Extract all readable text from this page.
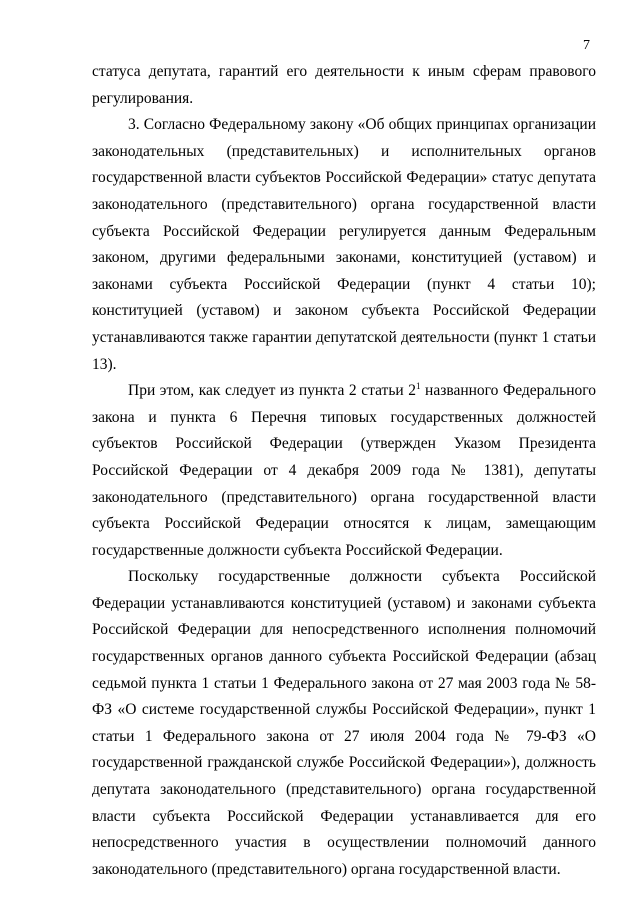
7

статуса депутата, гарантий его деятельности к иным сферам правового регулирования.

3. Согласно Федеральному закону «Об общих принципах организации законодательных (представительных) и исполнительных органов государственной власти субъектов Российской Федерации» статус депутата законодательного (представительного) органа государственной власти субъекта Российской Федерации регулируется данным Федеральным законом, другими федеральными законами, конституцией (уставом) и законами субъекта Российской Федерации (пункт 4 статьи 10); конституцией (уставом) и законом субъекта Российской Федерации устанавливаются также гарантии депутатской деятельности (пункт 1 статьи 13).

При этом, как следует из пункта 2 статьи $2^1$ названного Федерального закона и пункта 6 Перечня типовых государственных должностей субъектов Российской Федерации (утвержден Указом Президента Российской Федерации от 4 декабря 2009 года № 1381), депутаты законодательного (представительного) органа государственной власти субъекта Российской Федерации относятся к лицам, замещающим государственные должности субъекта Российской Федерации.

Поскольку государственные должности субъекта Российской Федерации устанавливаются конституцией (уставом) и законами субъекта Российской Федерации для непосредственного исполнения полномочий государственных органов данного субъекта Российской Федерации (абзац седьмой пункта 1 статьи 1 Федерального закона от 27 мая 2003 года № 58-ФЗ «О системе государственной службы Российской Федерации», пункт 1 статьи 1 Федерального закона от 27 июля 2004 года № 79-ФЗ «О государственной гражданской службе Российской Федерации»), должность депутата законодательного (представительного) органа государственной власти субъекта Российской Федерации устанавливается для его непосредственного участия в осуществлении полномочий данного законодательного (представительного) органа государственной власти.
